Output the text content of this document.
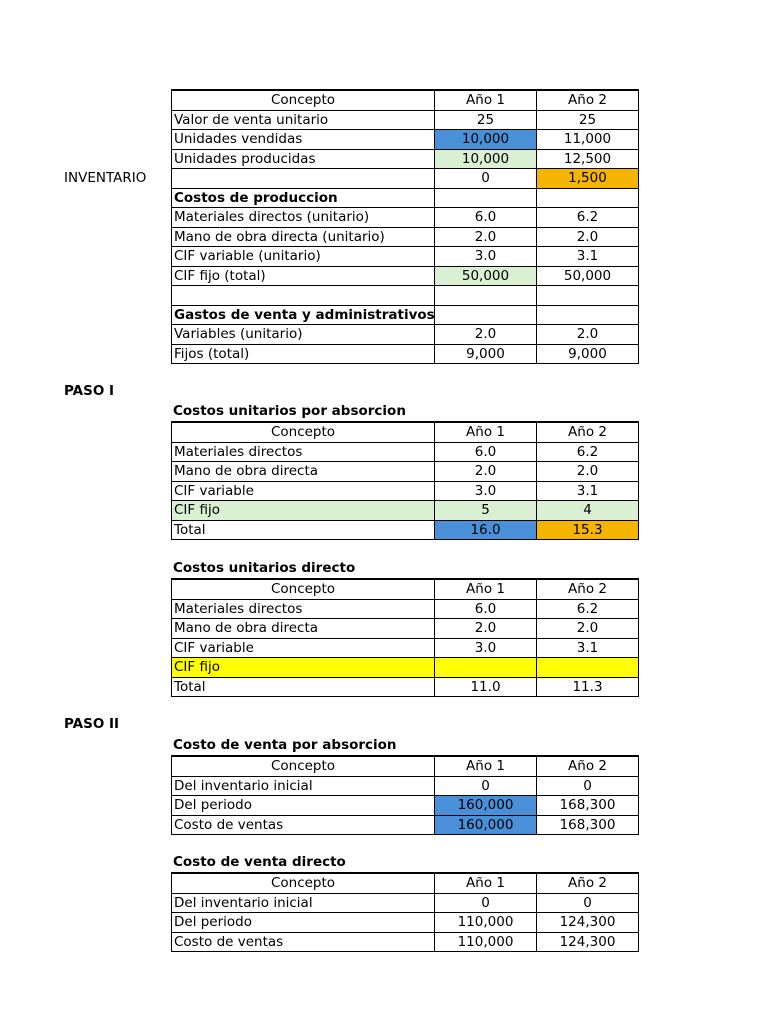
INVENTARIO
PASO I
PASO II
Concepto	Año 1	Año 2
Valor de venta unitario	25	25
Unidades vendidas	10,000	11,000
Unidades producidas	10,000	12,500
	0	1,500
Costos de produccion		
Materiales directos (unitario)	6.0	6.2
Mano de obra directa (unitario)	2.0	2.0
CIF variable (unitario)	3.0	3.1
CIF fijo (total)	50,000	50,000

Gastos de venta y administrativos		
Variables (unitario)	2.0	2.0
Fijos (total)	9,000	9,000
Costos unitarios por absorcion
Concepto	Año 1	Año 2
Materiales directos	6.0	6.2
Mano de obra directa	2.0	2.0
CIF variable	3.0	3.1
CIF fijo	5	4
Total	16.0	15.3
Costos unitarios directo
Concepto	Año 1	Año 2
Materiales directos	6.0	6.2
Mano de obra directa	2.0	2.0
CIF variable	3.0	3.1
CIF fijo		
Total	11.0	11.3
Costo de venta por absorcion
Concepto	Año 1	Año 2
Del inventario inicial	0	0
Del periodo	160,000	168,300
Costo de ventas	160,000	168,300
Costo de venta directo
Concepto	Año 1	Año 2
Del inventario inicial	0	0
Del periodo	110,000	124,300
Costo de ventas	110,000	124,300
